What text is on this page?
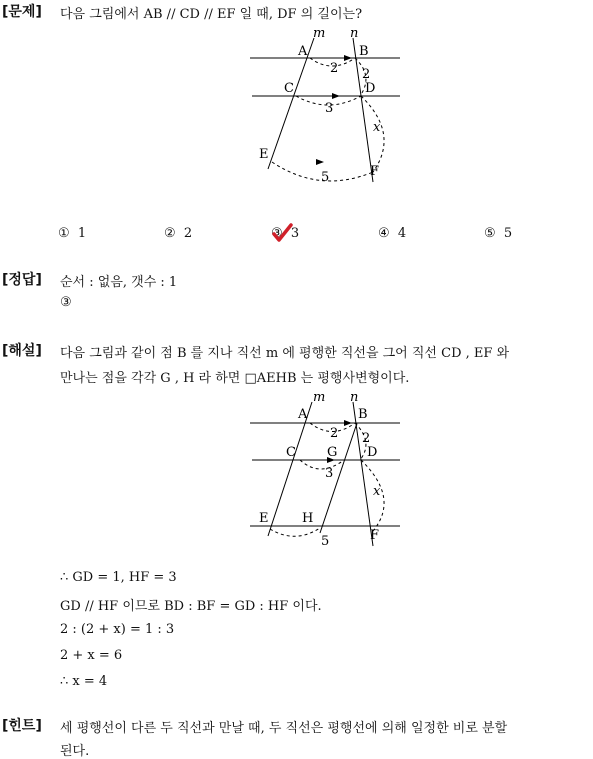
[문제] 다음 그림에서 AB // CD // EF 일 때, DF 의 길이는?
m n
A	B
C	D
E
F
2 2
3
x
5
① 1	② 2	③ 3	④ 4	⑤ 5
[정답] 순서 : 없음, 갯수 : 1
③
[해설] 다음 그림과 같이 점 B 를 지나 직선 m 에 평행한 직선을 그어 직선 CD , EF 와
만나는 점을 각각 G , H 라 하면 □AEHB 는 평행사변형이다.
m n
A	B
C G D
E	H
F
2 2
3
x
5
∴ GD = 1, HF = 3
GD // HF 이므로 BD : BF = GD : HF 이다.
2 : (2 + x) = 1 : 3
2 + x = 6
∴ x = 4
[힌트] 세 평행선이 다른 두 직선과 만날 때, 두 직선은 평행선에 의해 일정한 비로 분할
된다.
